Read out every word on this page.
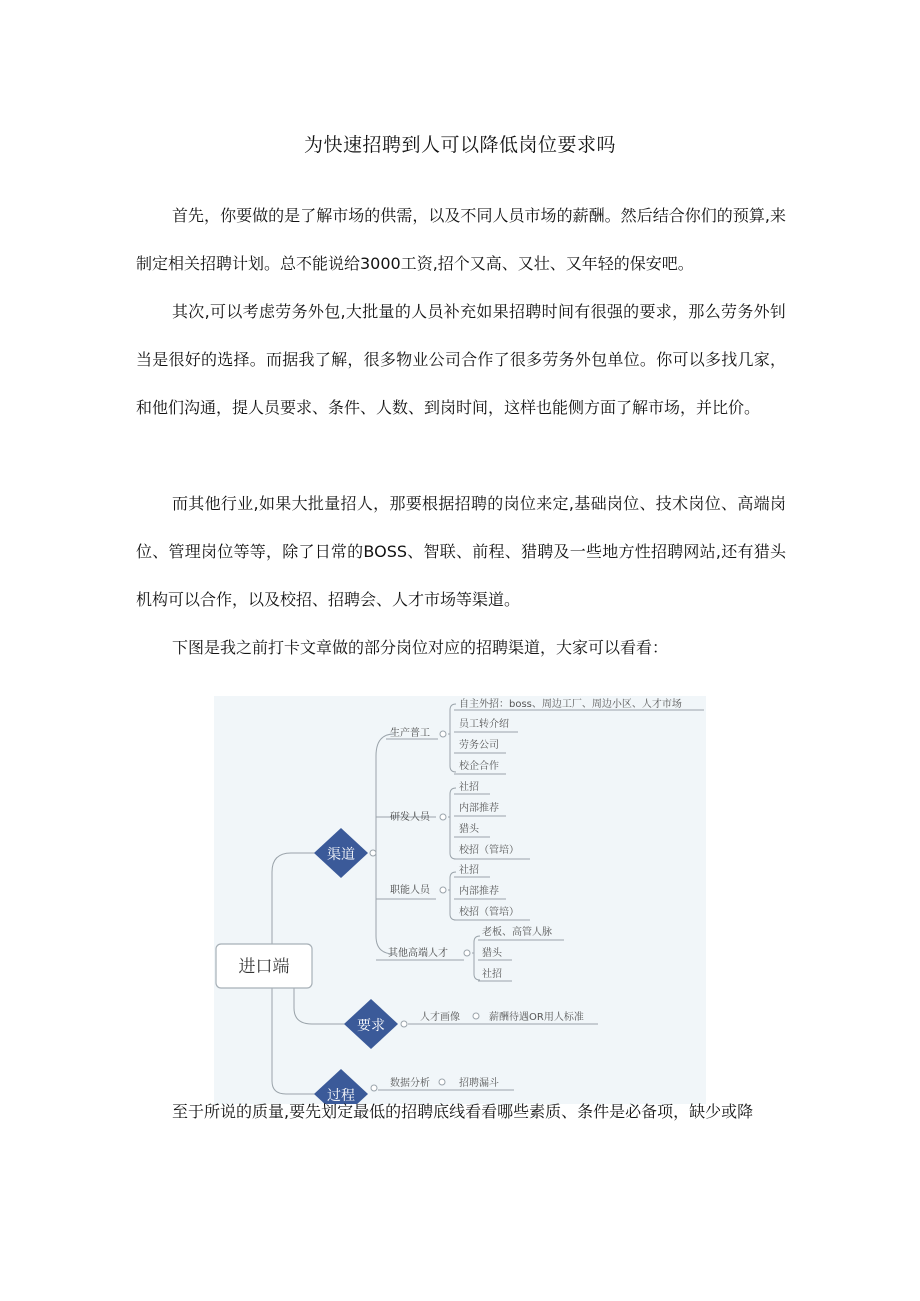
为快速招聘到人可以降低岗位要求吗

首先，你要做的是了解市场的供需，以及不同人员市场的薪酬。然后结合你们的预算,来制定相关招聘计划。总不能说给3000工资,招个又高、又壮、又年轻的保安吧。

其次,可以考虑劳务外包,大批量的人员补充如果招聘时间有很强的要求，那么劳务外钊当是很好的选择。而据我了解，很多物业公司合作了很多劳务外包单位。你可以多找几家，和他们沟通，提人员要求、条件、人数、到岗时间，这样也能侧方面了解市场，并比价。

而其他行业,如果大批量招人，那要根据招聘的岗位来定,基础岗位、技术岗位、高端岗位、管理岗位等等，除了日常的BOSS、智联、前程、猎聘及一些地方性招聘网站,还有猎头机构可以合作，以及校招、招聘会、人才市场等渠道。

下图是我之前打卡文章做的部分岗位对应的招聘渠道，大家可以看看：

进口端
渠道
生产普工
自主外招：boss、周边工厂、周边小区、人才市场
员工转介绍
劳务公司
校企合作
研发人员
社招
内部推荐
猎头
校招（管培）
职能人员
社招
内部推荐
校招（管培）
其他高端人才
老板、高管人脉
猎头
社招
要求
人才画像	薪酬待遇OR用人标准
过程
数据分析	招聘漏斗

至于所说的质量,要先划定最低的招聘底线看看哪些素质、条件是必备项，缺少或降
